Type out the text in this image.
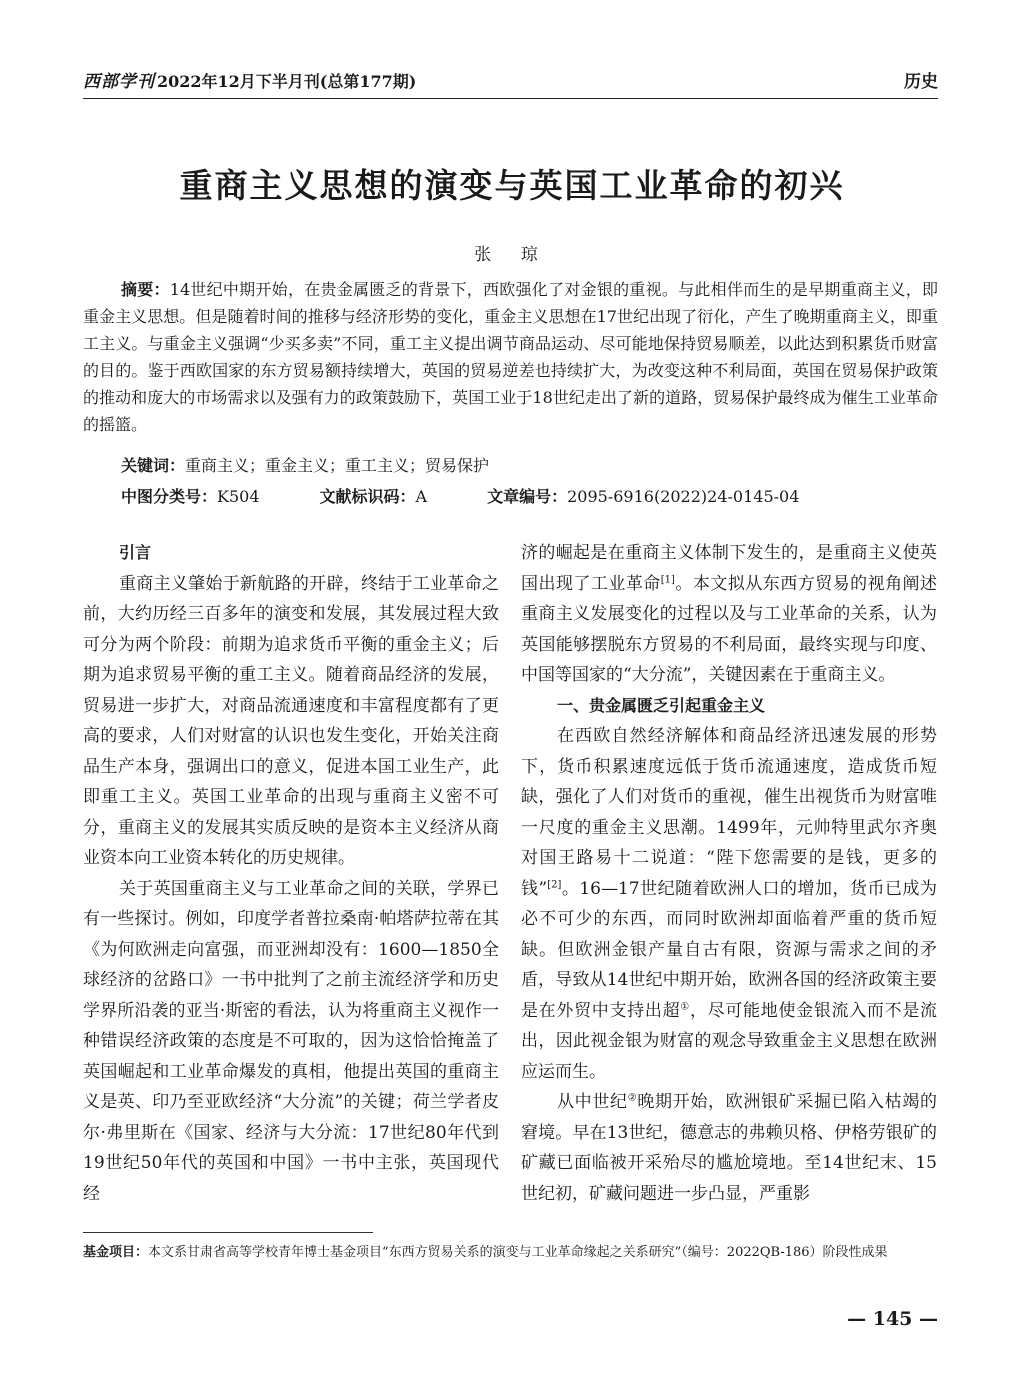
西部学刊 2022年12月下半月刊(总第177期)	历史
重商主义思想的演变与英国工业革命的初兴
张 琼

摘要：14世纪中期开始，在贵金属匮乏的背景下，西欧强化了对金银的重视。与此相伴而生的是早期重商主义，即重金主义思想。但是随着时间的推移与经济形势的变化，重金主义思想在17世纪出现了衍化，产生了晚期重商主义，即重工主义。与重金主义强调“少买多卖”不同，重工主义提出调节商品运动、尽可能地保持贸易顺差，以此达到积累货币财富的目的。鉴于西欧国家的东方贸易额持续增大，英国的贸易逆差也持续扩大，为改变这种不利局面，英国在贸易保护政策的推动和庞大的市场需求以及强有力的政策鼓励下，英国工业于18世纪走出了新的道路，贸易保护最终成为催生工业革命的摇篮。

关键词：重商主义；重金主义；重工主义；贸易保护
中图分类号：K504	文献标识码：A	文章编号：2095-6916(2022)24-0145-04

引言

重商主义肇始于新航路的开辟，终结于工业革命之前，大约历经三百多年的演变和发展，其发展过程大致可分为两个阶段：前期为追求货币平衡的重金主义；后期为追求贸易平衡的重工主义。随着商品经济的发展，贸易进一步扩大，对商品流通速度和丰富程度都有了更高的要求，人们对财富的认识也发生变化，开始关注商品生产本身，强调出口的意义，促进本国工业生产，此即重工主义。英国工业革命的出现与重商主义密不可分，重商主义的发展其实质反映的是资本主义经济从商业资本向工业资本转化的历史规律。

关于英国重商主义与工业革命之间的关联，学界已有一些探讨。例如，印度学者普拉桑南·帕塔萨拉蒂在其《为何欧洲走向富强，而亚洲却没有：1600—1850全球经济的岔路口》一书中批判了之前主流经济学和历史学界所沿袭的亚当·斯密的看法，认为将重商主义视作一种错误经济政策的态度是不可取的，因为这恰恰掩盖了英国崛起和工业革命爆发的真相，他提出英国的重商主义是英、印乃至亚欧经济“大分流”的关键；荷兰学者皮尔·弗里斯在《国家、经济与大分流：17世纪80年代到19世纪50年代的英国和中国》一书中主张，英国现代经

济的崛起是在重商主义体制下发生的，是重商主义使英国出现了工业革命[1]。本文拟从东西方贸易的视角阐述重商主义发展变化的过程以及与工业革命的关系，认为英国能够摆脱东方贸易的不利局面，最终实现与印度、中国等国家的“大分流”，关键因素在于重商主义。

一、贵金属匮乏引起重金主义

在西欧自然经济解体和商品经济迅速发展的形势下，货币积累速度远低于货币流通速度，造成货币短缺，强化了人们对货币的重视，催生出视货币为财富唯一尺度的重金主义思潮。1499年，元帅特里武尔齐奥对国王路易十二说道：“陛下您需要的是钱，更多的钱”[2]。16—17世纪随着欧洲人口的增加，货币已成为必不可少的东西，而同时欧洲却面临着严重的货币短缺。但欧洲金银产量自古有限，资源与需求之间的矛盾，导致从14世纪中期开始，欧洲各国的经济政策主要是在外贸中支持出超①，尽可能地使金银流入而不是流出，因此视金银为财富的观念导致重金主义思想在欧洲应运而生。

从中世纪②晚期开始，欧洲银矿采掘已陷入枯竭的窘境。早在13世纪，德意志的弗赖贝格、伊格劳银矿的矿藏已面临被开采殆尽的尴尬境地。至14世纪末、15世纪初，矿藏问题进一步凸显，严重影

基金项目：本文系甘肃省高等学校青年博士基金项目“东西方贸易关系的演变与工业革命缘起之关系研究”（编号：2022QB-186）阶段性成果
— 145 —
